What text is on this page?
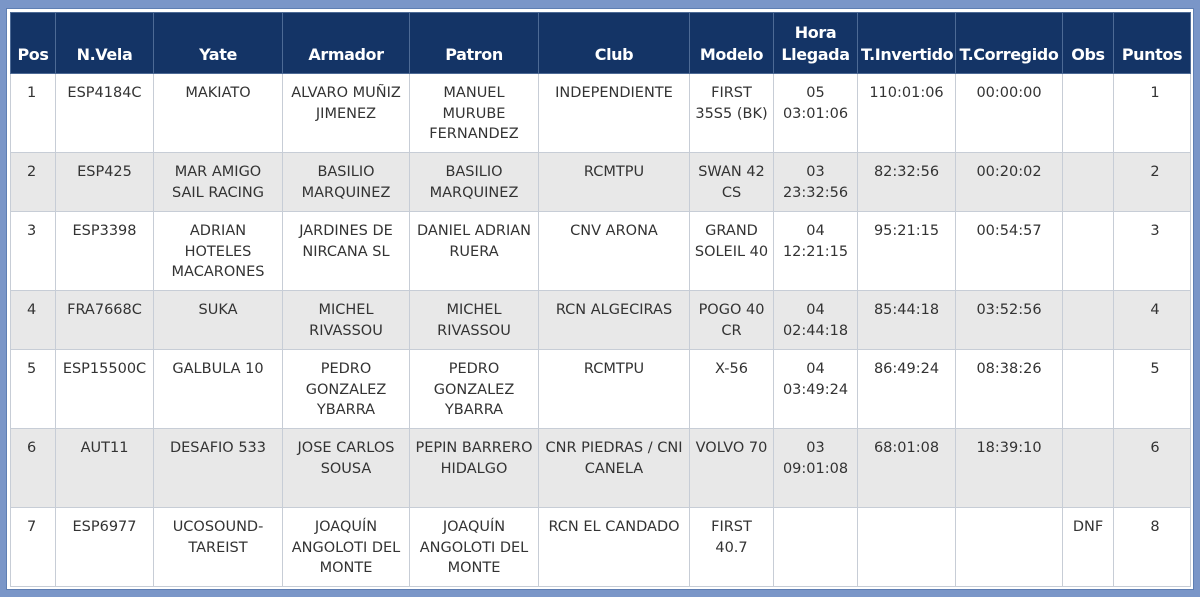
Pos	N.Vela	Yate	Armador	Patron	Club	Modelo	Hora Llegada	T.Invertido	T.Corregido	Obs	Puntos
1	ESP4184C	MAKIATO	ALVARO MUÑIZ JIMENEZ	MANUEL MURUBE FERNANDEZ	INDEPENDIENTE	FIRST 35S5 (BK)	05 03:01:06	110:01:06	00:00:00		1
2	ESP425	MAR AMIGO SAIL RACING	BASILIO MARQUINEZ	BASILIO MARQUINEZ	RCMTPU	SWAN 42 CS	03 23:32:56	82:32:56	00:20:02		2
3	ESP3398	ADRIAN HOTELES MACARONES	JARDINES DE NIRCANA SL	DANIEL ADRIAN RUERA	CNV ARONA	GRAND SOLEIL 40	04 12:21:15	95:21:15	00:54:57		3
4	FRA7668C	SUKA	MICHEL RIVASSOU	MICHEL RIVASSOU	RCN ALGECIRAS	POGO 40 CR	04 02:44:18	85:44:18	03:52:56		4
5	ESP15500C	GALBULA 10	PEDRO GONZALEZ YBARRA	PEDRO GONZALEZ YBARRA	RCMTPU	X-56	04 03:49:24	86:49:24	08:38:26		5
6	AUT11	DESAFIO 533	JOSE CARLOS SOUSA	PEPIN BARRERO HIDALGO	CNR PIEDRAS / CNI CANELA	VOLVO 70	03 09:01:08	68:01:08	18:39:10		6
7	ESP6977	UCOSOUND-TAREIST	JOAQUÍN ANGOLOTI DEL MONTE	JOAQUÍN ANGOLOTI DEL MONTE	RCN EL CANDADO	FIRST 40.7				DNF	8
